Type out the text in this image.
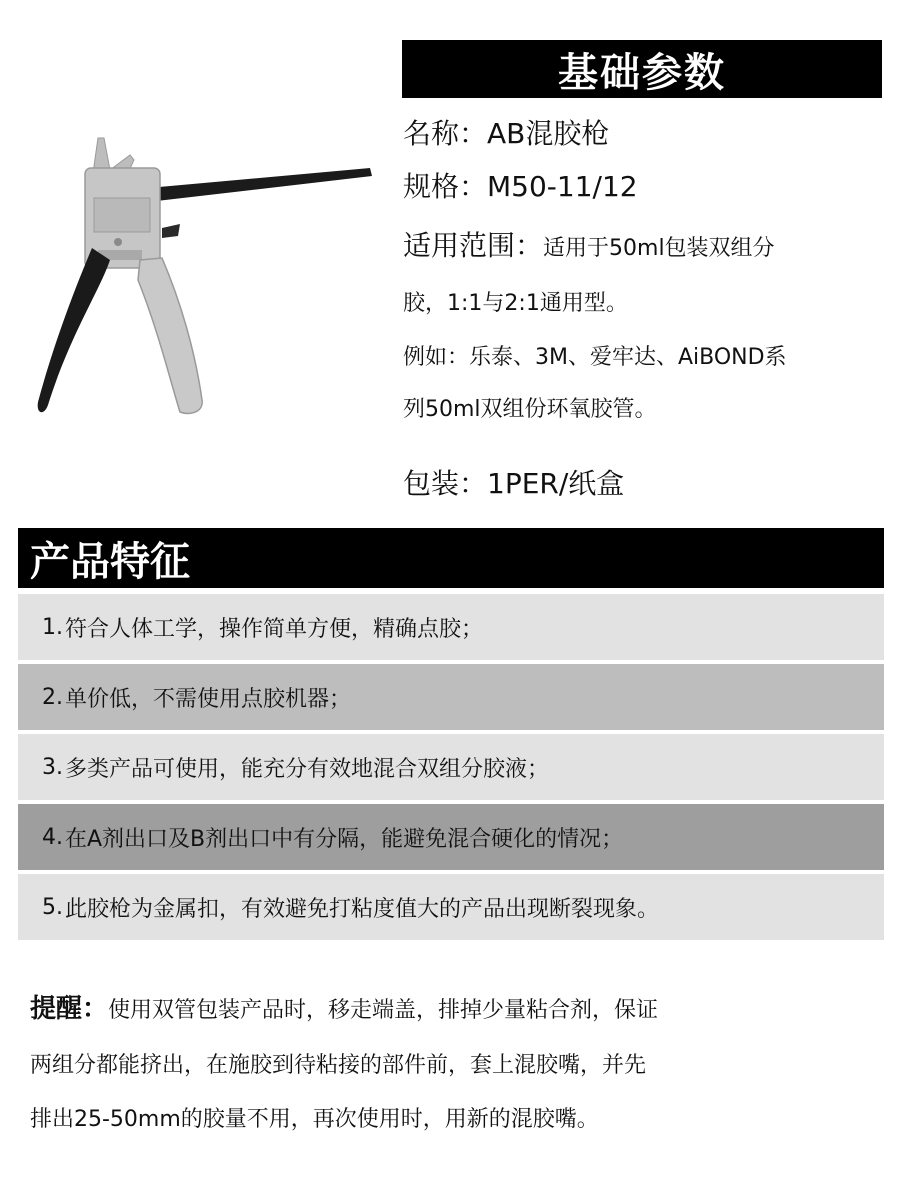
基础参数
名称：AB混胶枪
规格：M50-11/12
适用范围：适用于50ml包装双组分
胶，1:1与2:1通用型。
例如：乐泰、3M、爱牢达、AiBOND系
列50ml双组份环氧胶管。
包装：1PER/纸盒
产品特征
1. 符合人体工学，操作简单方便，精确点胶；
2. 单价低，不需使用点胶机器；
3. 多类产品可使用，能充分有效地混合双组分胶液；
4. 在A剂出口及B剂出口中有分隔，能避免混合硬化的情况；
5. 此胶枪为金属扣，有效避免打粘度值大的产品出现断裂现象。
提醒：使用双管包装产品时，移走端盖，排掉少量粘合剂，保证
两组分都能挤出，在施胶到待粘接的部件前，套上混胶嘴，并先
排出25-50mm的胶量不用，再次使用时，用新的混胶嘴。
